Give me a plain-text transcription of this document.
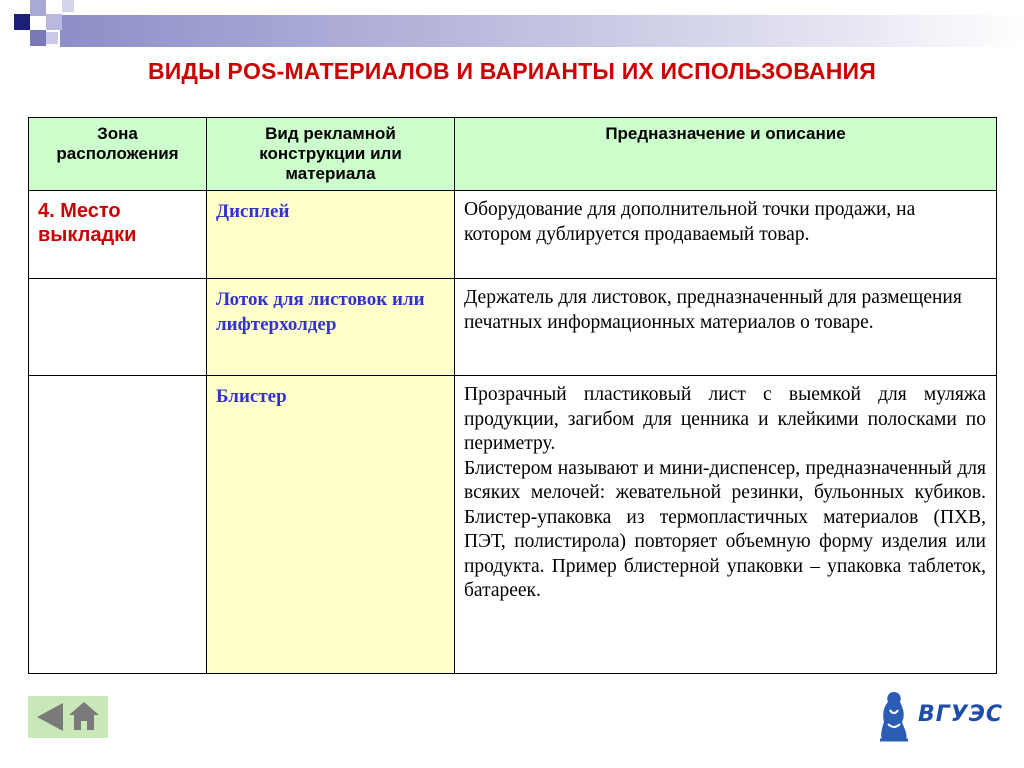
ВИДЫ POS-МАТЕРИАЛОВ И ВАРИАНТЫ ИХ ИСПОЛЬЗОВАНИЯ
Зона расположения	Вид рекламной конструкции или материала	Предназначение и описание
4. Место выкладки	Дисплей	Оборудование для дополнительной точки продажи, на котором дублируется продаваемый товар.

	Лоток для листовок или лифтерхолдер	Держатель для листовок, предназначенный для размещения печатных информационных материалов о товаре.

	Блистер	Прозрачный пластиковый лист с выемкой для муляжа продукции, загибом для ценника и клейкими полосками по периметру.

Блистером называют и мини-диспенсер, предназначенный для всяких мелочей: жевательной резинки, бульонных кубиков. Блистер-упаковка из термопластичных материалов (ПХВ, ПЭТ, полистирола) повторяет объемную форму изделия или продукта. Пример блистерной упаковки – упаковка таблеток, батареек.

ВГУЭС
